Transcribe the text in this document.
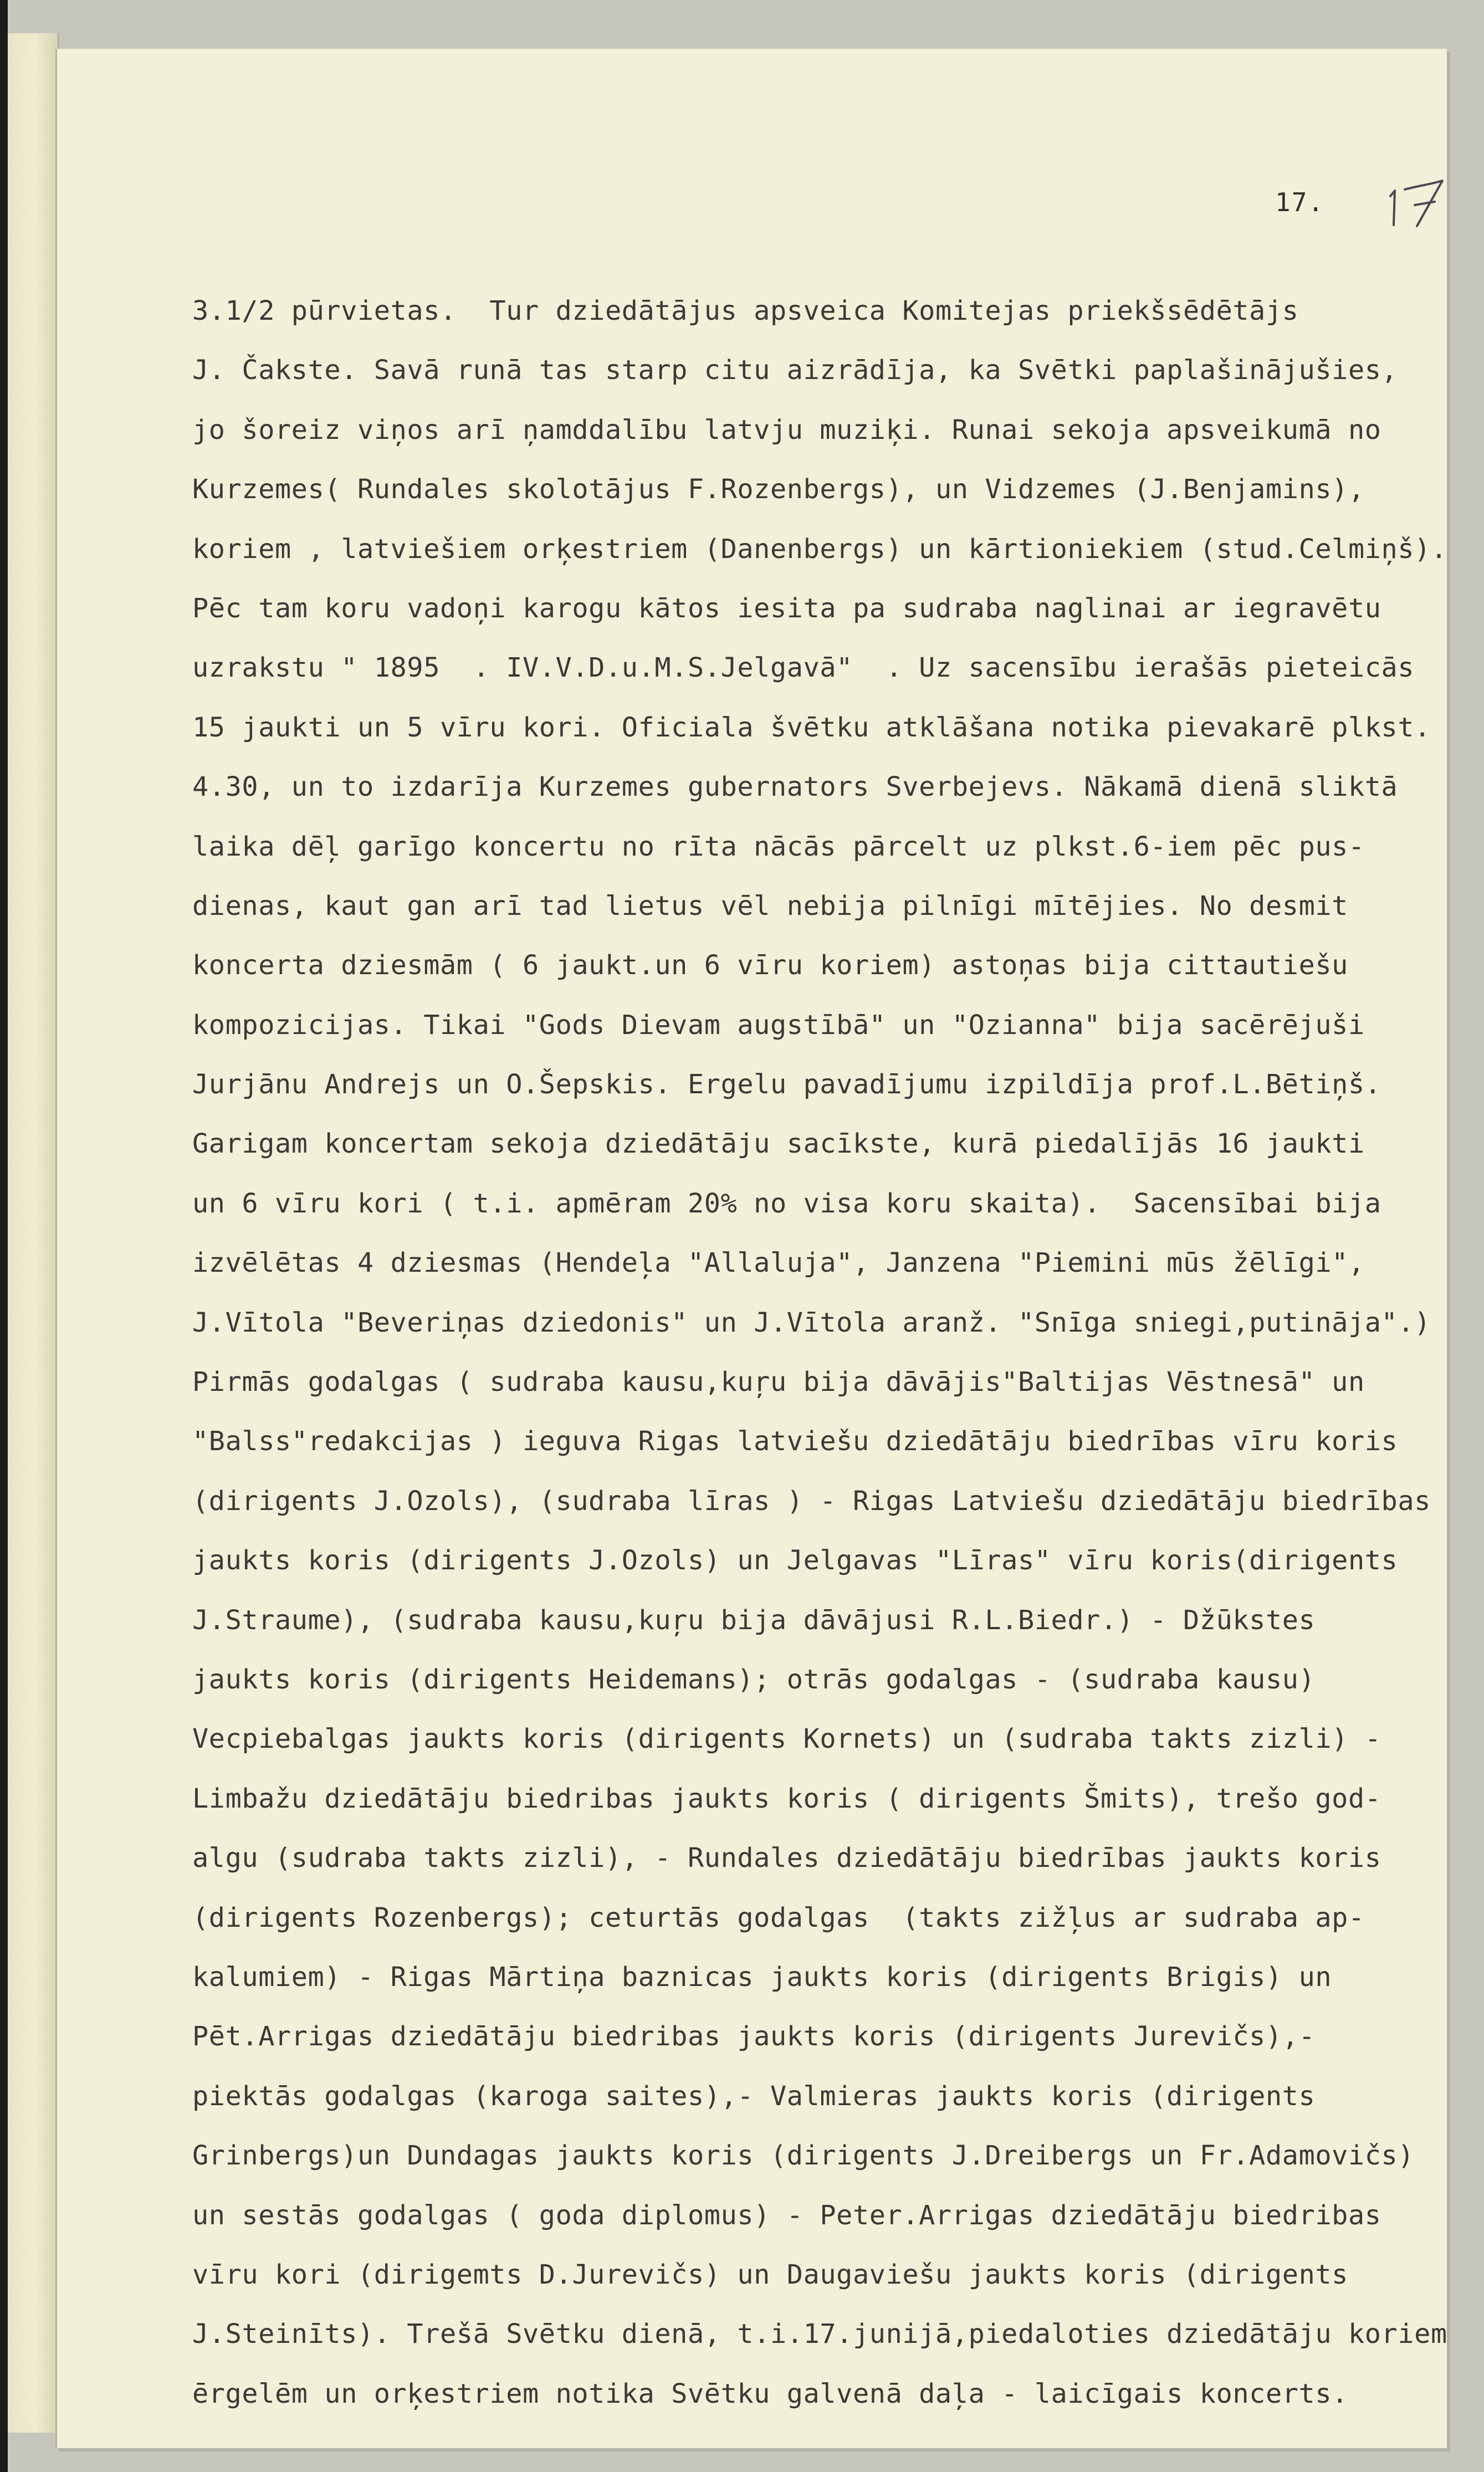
17.
3.1/2 pūrvietas.  Tur dziedātājus apsveica Komitejas priekšsēdētājs
J. Čakste. Savā runā tas starp citu aizrādīja, ka Svētki paplašinājušies,
jo šoreiz viņos arī ņamddalību latvju muziķi. Runai sekoja apsveikumā no
Kurzemes( Rundales skolotājus F.Rozenbergs), un Vidzemes (J.Benjamins),
koriem , latviešiem orķestriem (Danenbergs) un kārtioniekiem (stud.Celmiņš).
Pēc tam koru vadoņi karogu kātos iesita pa sudraba naglinai ar iegravētu
uzrakstu " 1895  . IV.V.D.u.M.S.Jelgavā"  . Uz sacensību ierašās pieteicās
15 jaukti un 5 vīru kori. Oficiala švētku atklāšana notika pievakarē plkst.
4.30, un to izdarīja Kurzemes gubernators Sverbejevs. Nākamā dienā sliktā
laika dēļ garīgo koncertu no rīta nācās pārcelt uz plkst.6-iem pēc pus-
dienas, kaut gan arī tad lietus vēl nebija pilnīgi mītējies. No desmit
koncerta dziesmām ( 6 jaukt.un 6 vīru koriem) astoņas bija cittautiešu
kompozicijas. Tikai "Gods Dievam augstībā" un "Ozianna" bija sacērējuši
Jurjānu Andrejs un O.Šepskis. Ergelu pavadījumu izpildīja prof.L.Bētiņš.
Garigam koncertam sekoja dziedātāju sacīkste, kurā piedalījās 16 jaukti
un 6 vīru kori ( t.i. apmēram 20% no visa koru skaita).  Sacensībai bija
izvēlētas 4 dziesmas (Hendeļa "Allaluja", Janzena "Piemini mūs žēlīgi",
J.Vītola "Beveriņas dziedonis" un J.Vītola aranž. "Snīga sniegi,putināja".)
Pirmās godalgas ( sudraba kausu,kuŗu bija dāvājis"Baltijas Vēstnesā" un
"Balss"redakcijas ) ieguva Rigas latviešu dziedātāju biedrības vīru koris
(dirigents J.Ozols), (sudraba līras ) - Rigas Latviešu dziedātāju biedrības
jaukts koris (dirigents J.Ozols) un Jelgavas "Līras" vīru koris(dirigents
J.Straume), (sudraba kausu,kuŗu bija dāvājusi R.L.Biedr.) - Džūkstes
jaukts koris (dirigents Heidemans); otrās godalgas - (sudraba kausu)
Vecpiebalgas jaukts koris (dirigents Kornets) un (sudraba takts zizli) -
Limbažu dziedātāju biedribas jaukts koris ( dirigents Šmits), trešo god-
algu (sudraba takts zizli), - Rundales dziedātāju biedrības jaukts koris
(dirigents Rozenbergs); ceturtās godalgas  (takts zižļus ar sudraba ap-
kalumiem) - Rigas Mārtiņa baznicas jaukts koris (dirigents Brigis) un
Pēt.Arrigas dziedātāju biedribas jaukts koris (dirigents Jurevičs),-
piektās godalgas (karoga saites),- Valmieras jaukts koris (dirigents
Grinbergs)un Dundagas jaukts koris (dirigents J.Dreibergs un Fr.Adamovičs)
un sestās godalgas ( goda diplomus) - Peter.Arrigas dziedātāju biedribas
vīru kori (dirigemts D.Jurevičs) un Daugaviešu jaukts koris (dirigents
J.Steinīts). Trešā Svētku dienā, t.i.17.junijā,piedaloties dziedātāju koriem
ērgelēm un orķestriem notika Svētku galvenā daļa - laicīgais koncerts.
